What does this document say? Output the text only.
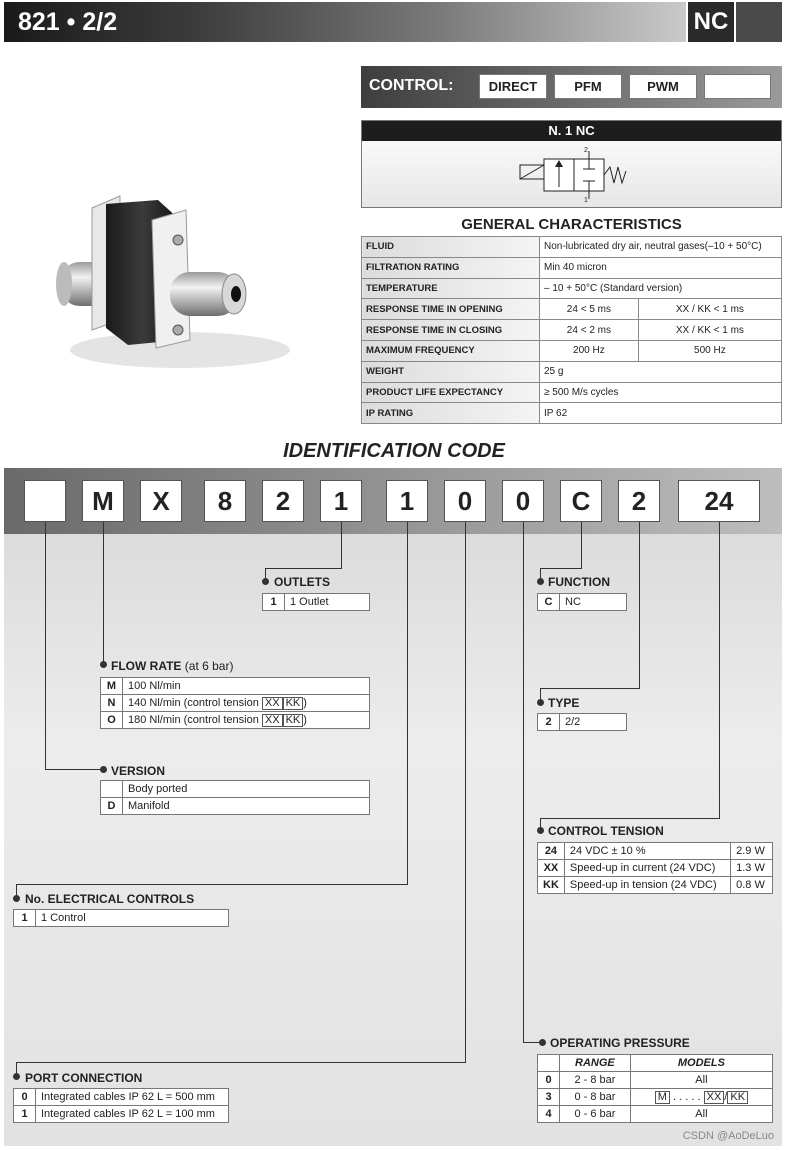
821 • 2/2	NC
CONTROL:	DIRECT	PFM	PWM
N. 1 NC
2
1
GENERAL CHARACTERISTICS
FLUID	Non-lubricated dry air, neutral gases(–10 + 50°C)	
FILTRATION RATING	Min 40 micron	
TEMPERATURE	– 10 + 50°C (Standard version)	
RESPONSE TIME IN OPENING	24 < 5 ms	XX / KK < 1 ms
RESPONSE TIME IN CLOSING	24 < 2 ms	XX / KK < 1 ms
MAXIMUM FREQUENCY	200 Hz	500 Hz
WEIGHT	25 g	
PRODUCT LIFE EXPECTANCY	≥ 500 M/s cycles	
IP RATING	IP 62	
IDENTIFICATION CODE
M	X	8	2	1	1	0	0	C	2	24
OUTLETS
1	1 Outlet
FUNCTION
C	NC
FLOW RATE (at 6 bar)
M	100 Nl/min
N	140 Nl/min (control tension XX KK )
O	180 Nl/min (control tension XX KK )
TYPE
2	2/2
VERSION
	Body ported
D	Manifold
CONTROL TENSION
24	24 VDC ± 10 %	2.9 W
XX	Speed-up in current (24 VDC)	1.3 W
KK	Speed-up in tension (24 VDC)	0.8 W
No. ELECTRICAL CONTROLS
1	1 Control
OPERATING PRESSURE
	RANGE	MODELS
0	2 - 8 bar	All
3	0 - 8 bar	M . . . . . XX / KK
4	0 - 6 bar	All
PORT CONNECTION
0	Integrated cables IP 62 L = 500 mm
1	Integrated cables IP 62 L = 100 mm
CSDN @AoDeLuo
